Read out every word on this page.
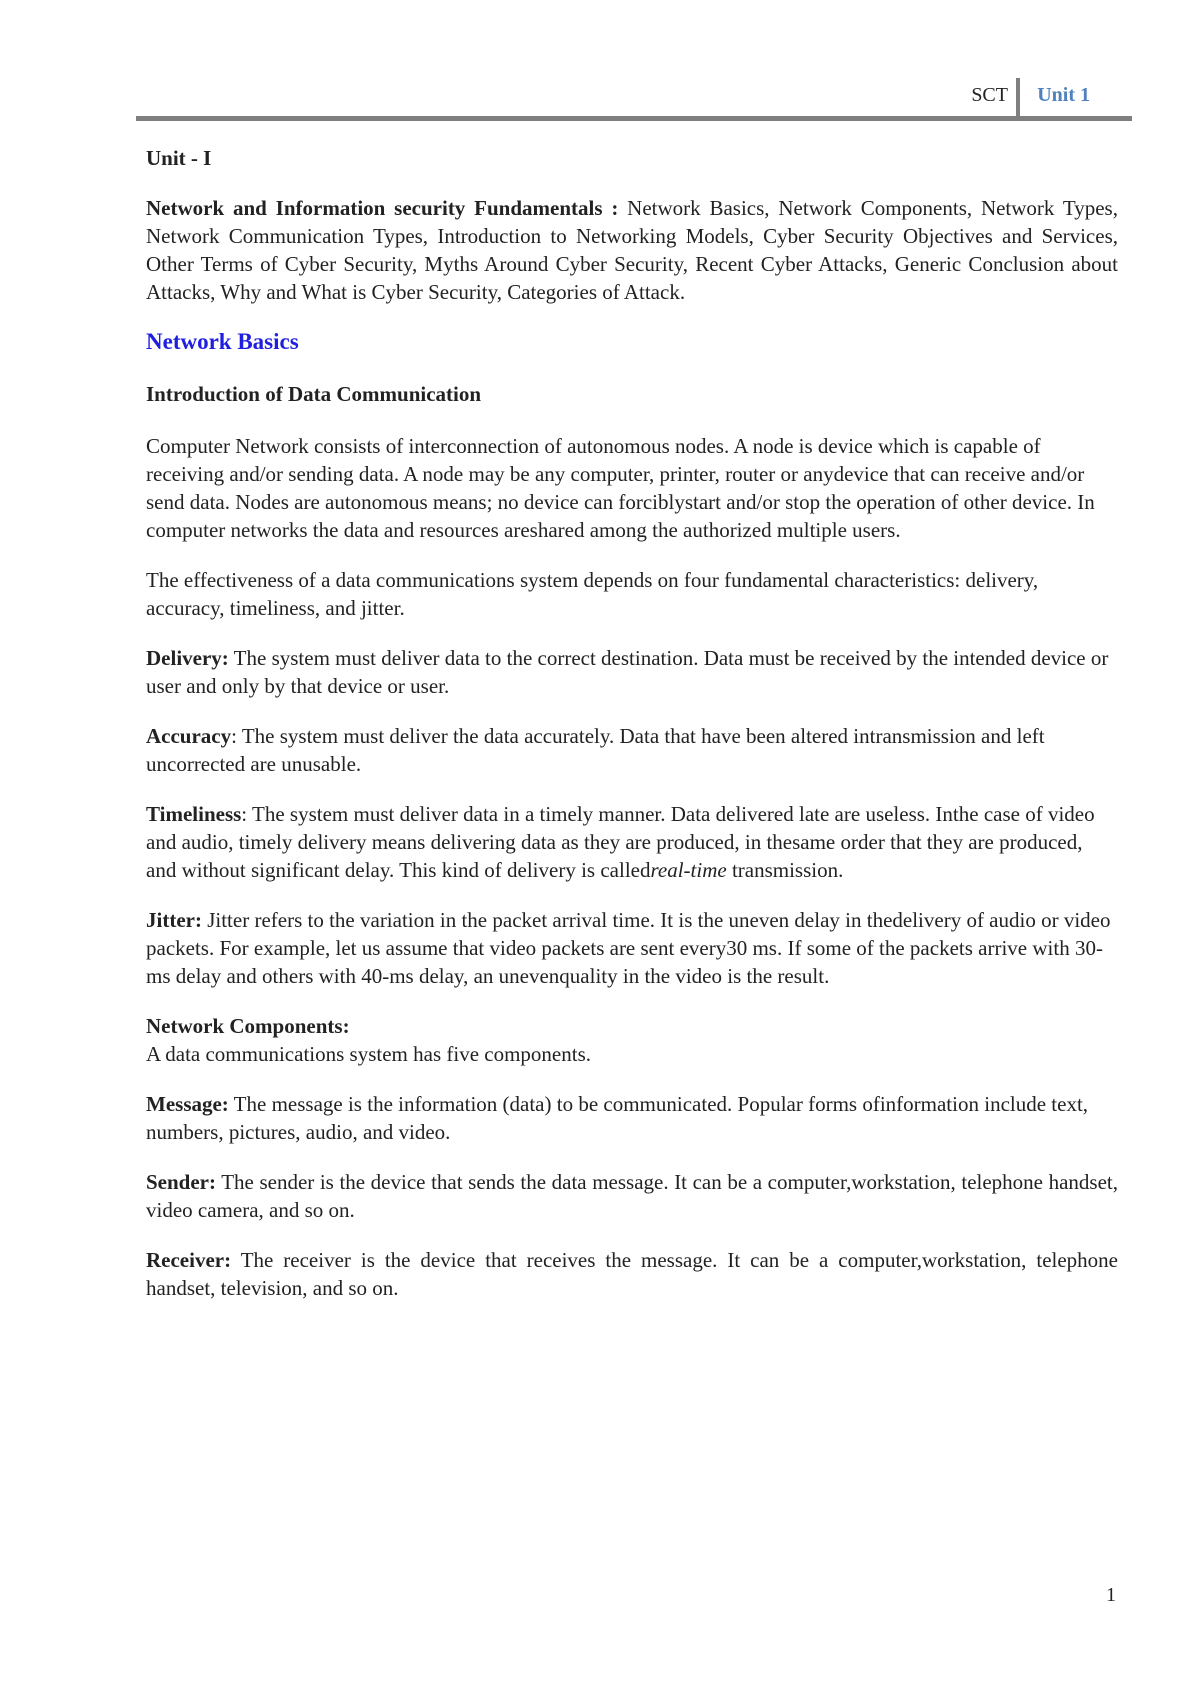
SCT Unit 1

Unit - I

Network and Information security Fundamentals : Network Basics, Network Components, Network Types, Network Communication Types, Introduction to Networking Models, Cyber Security Objectives and Services, Other Terms of Cyber Security, Myths Around Cyber Security, Recent Cyber Attacks, Generic Conclusion about Attacks, Why and What is Cyber Security, Categories of Attack.

Network Basics
Introduction of Data Communication

Computer Network consists of interconnection of autonomous nodes. A node is device which is capable of receiving and/or sending data. A node may be any computer, printer, router or anydevice that can receive and/or send data. Nodes are autonomous means; no device can forciblystart and/or stop the operation of other device. In computer networks the data and resources areshared among the authorized multiple users.

The effectiveness of a data communications system depends on four fundamental characteristics: delivery, accuracy, timeliness, and jitter.

Delivery: The system must deliver data to the correct destination. Data must be received by the intended device or user and only by that device or user.

Accuracy: The system must deliver the data accurately. Data that have been altered intransmission and left uncorrected are unusable.

Timeliness: The system must deliver data in a timely manner. Data delivered late are useless. Inthe case of video and audio, timely delivery means delivering data as they are produced, in thesame order that they are produced, and without significant delay. This kind of delivery is calledreal-time transmission.

Jitter: Jitter refers to the variation in the packet arrival time. It is the uneven delay in thedelivery of audio or video packets. For example, let us assume that video packets are sent every30 ms. If some of the packets arrive with 30-ms delay and others with 40-ms delay, an unevenquality in the video is the result.

Network Components:

A data communications system has five components.

Message: The message is the information (data) to be communicated. Popular forms ofinformation include text, numbers, pictures, audio, and video.

Sender: The sender is the device that sends the data message. It can be a computer,workstation, telephone handset, video camera, and so on.

Receiver: The receiver is the device that receives the message. It can be a computer,workstation, telephone handset, television, and so on.

1
